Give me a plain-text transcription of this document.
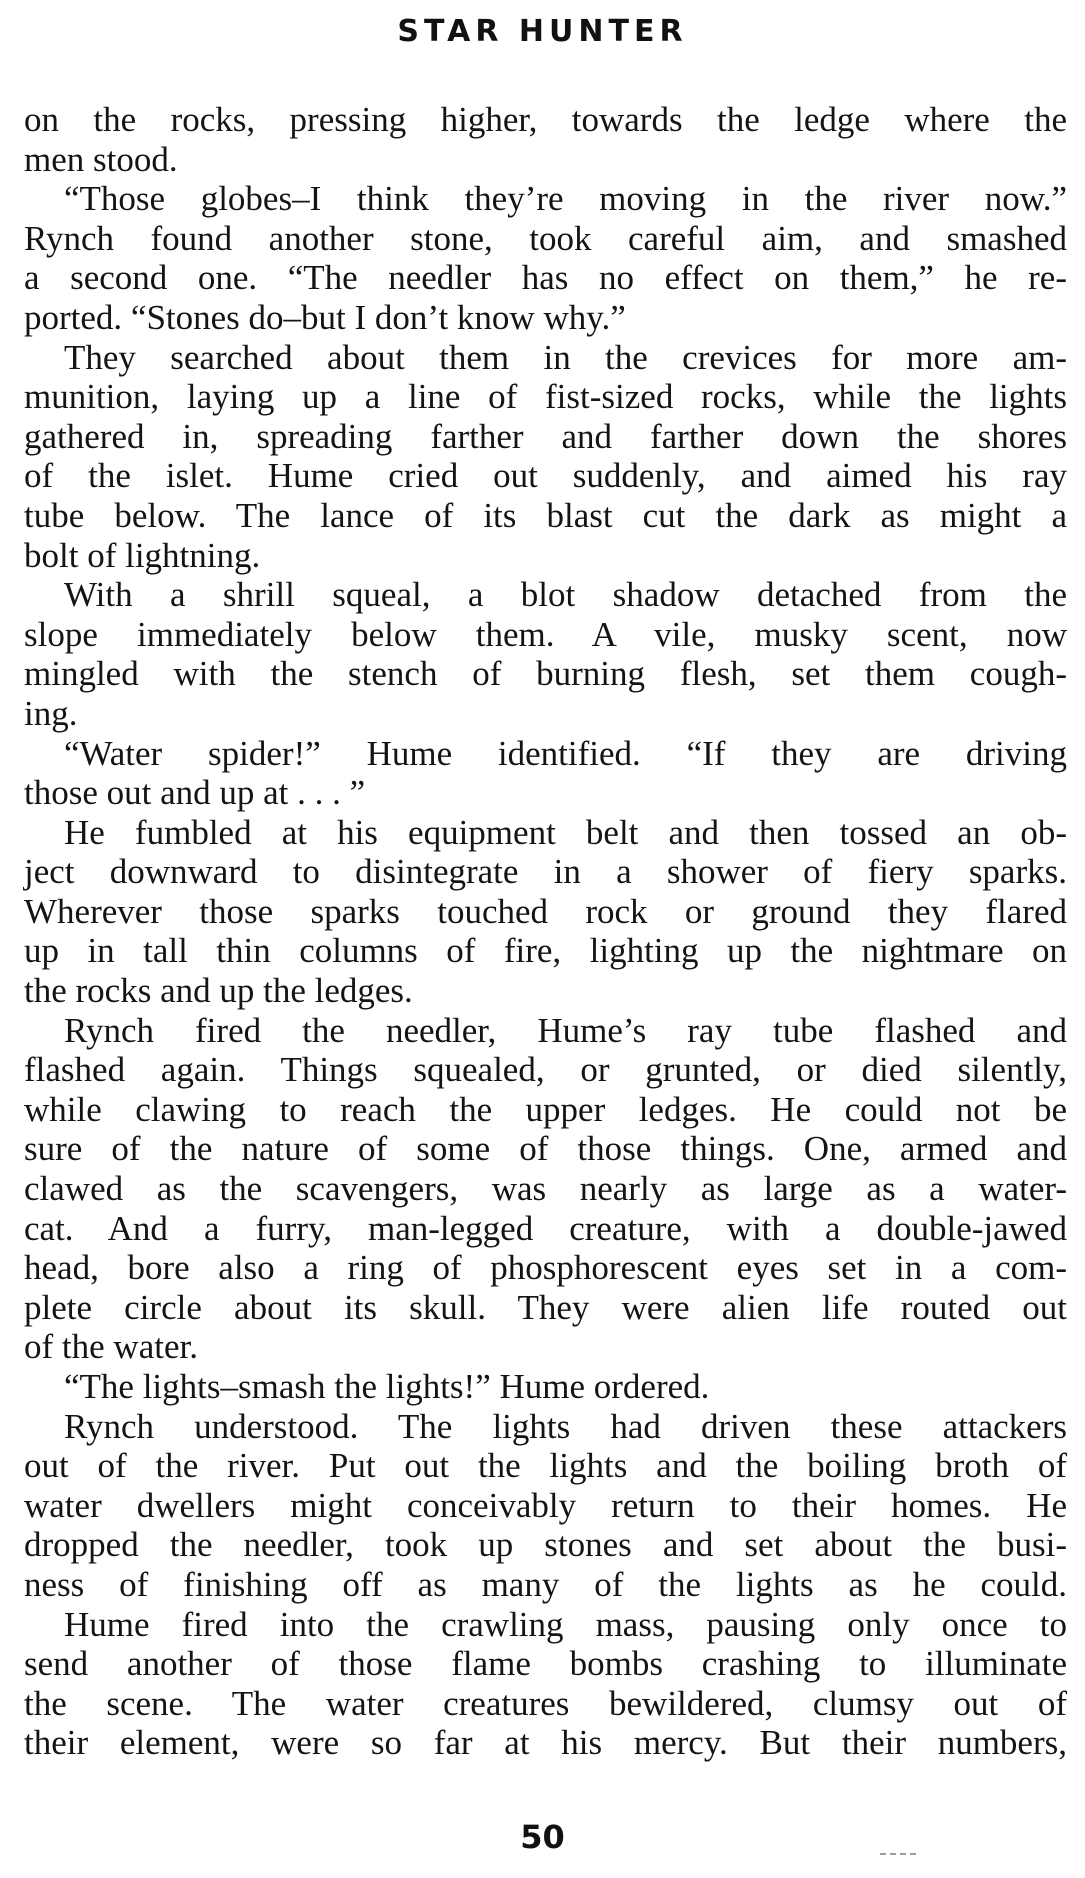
STAR HUNTER
on the rocks, pressing higher, towards the ledge where the
men stood.
“Those globes–I think they’re moving in the river now.”
Rynch found another stone, took careful aim, and smashed
a second one. “The needler has no effect on them,” he re-
ported. “Stones do–but I don’t know why.”
They searched about them in the crevices for more am-
munition, laying up a line of fist-sized rocks, while the lights
gathered in, spreading farther and farther down the shores
of the islet. Hume cried out suddenly, and aimed his ray
tube below. The lance of its blast cut the dark as might a
bolt of lightning.
With a shrill squeal, a blot shadow detached from the
slope immediately below them. A vile, musky scent, now
mingled with the stench of burning flesh, set them cough-
ing.
“Water spider!” Hume identified. “If they are driving
those out and up at . . . ”
He fumbled at his equipment belt and then tossed an ob-
ject downward to disintegrate in a shower of fiery sparks.
Wherever those sparks touched rock or ground they flared
up in tall thin columns of fire, lighting up the nightmare on
the rocks and up the ledges.
Rynch fired the needler, Hume’s ray tube flashed and
flashed again. Things squealed, or grunted, or died silently,
while clawing to reach the upper ledges. He could not be
sure of the nature of some of those things. One, armed and
clawed as the scavengers, was nearly as large as a water-
cat. And a furry, man-legged creature, with a double-jawed
head, bore also a ring of phosphorescent eyes set in a com-
plete circle about its skull. They were alien life routed out
of the water.
“The lights–smash the lights!” Hume ordered.
Rynch understood. The lights had driven these attackers
out of the river. Put out the lights and the boiling broth of
water dwellers might conceivably return to their homes. He
dropped the needler, took up stones and set about the busi-
ness of finishing off as many of the lights as he could.
Hume fired into the crawling mass, pausing only once to
send another of those flame bombs crashing to illuminate
the scene. The water creatures bewildered, clumsy out of
their element, were so far at his mercy. But their numbers,
50
